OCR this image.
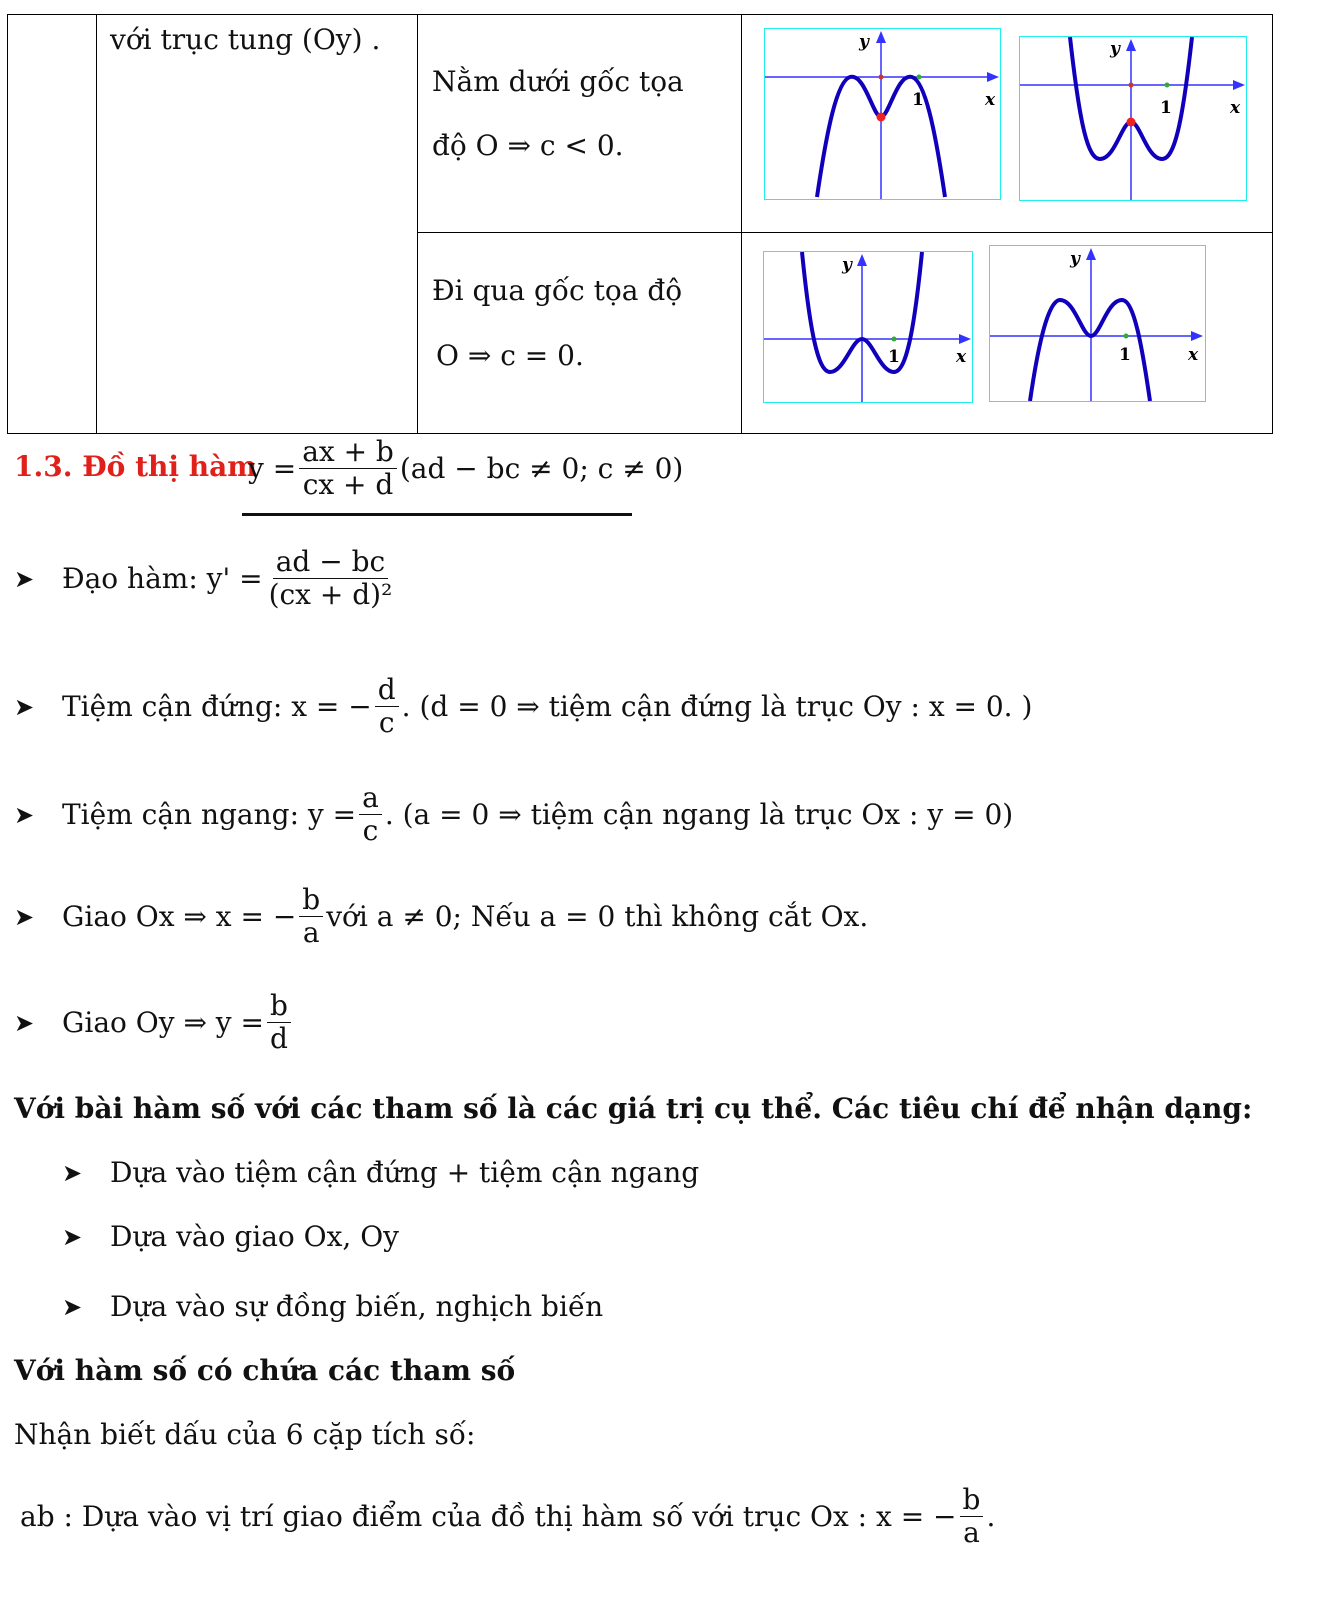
với trục tung (Oy) .
Nằm dưới gốc tọa
độ O ⇒ c < 0.
Đi qua gốc tọa độ
O ⇒ c = 0.
y
x
1
y
x
1
y
x
1
y
x
1
1.3. Đồ thị hàm
$y = \frac{ax + b}{cx + d} (ad$ − bc ≠ 0; c ≠ 0)
➤ Đạo hàm:
$y' = \frac{ad - bc}{\text{(cx + d)²}}$
➤ Tiệm cận đứng:
x = − $\frac{d}{c}$ . (d = 0 ⇒ tiệm cận đứng là trục Oy : x = 0. )
➤ Tiệm cận ngang:
$y = \frac{a}{c}$ . (a = 0 ⇒ tiệm cận ngang là trục Ox : y = 0)
➤ Giao Ox ⇒ x = − $\frac{b}{a}$ với a ≠ 0; Nếu a = 0 thì không cắt Ox.
➤ Giao Oy ⇒ $y = \frac{b}{d}$
Với bài hàm số với các tham số là các giá trị cụ thể. Các tiêu chí để nhận dạng:
➤ Dựa vào tiệm cận đứng + tiệm cận ngang
➤ Dựa vào giao Ox, Oy
➤ Dựa vào sự đồng biến, nghịch biến
Với hàm số có chứa các tham số
Nhận biết dấu của 6 cặp tích số:
ab :
Dựa vào vị trí giao điểm của đồ thị hàm số với trục Ox : x = − $\frac{b}{a}$ .
